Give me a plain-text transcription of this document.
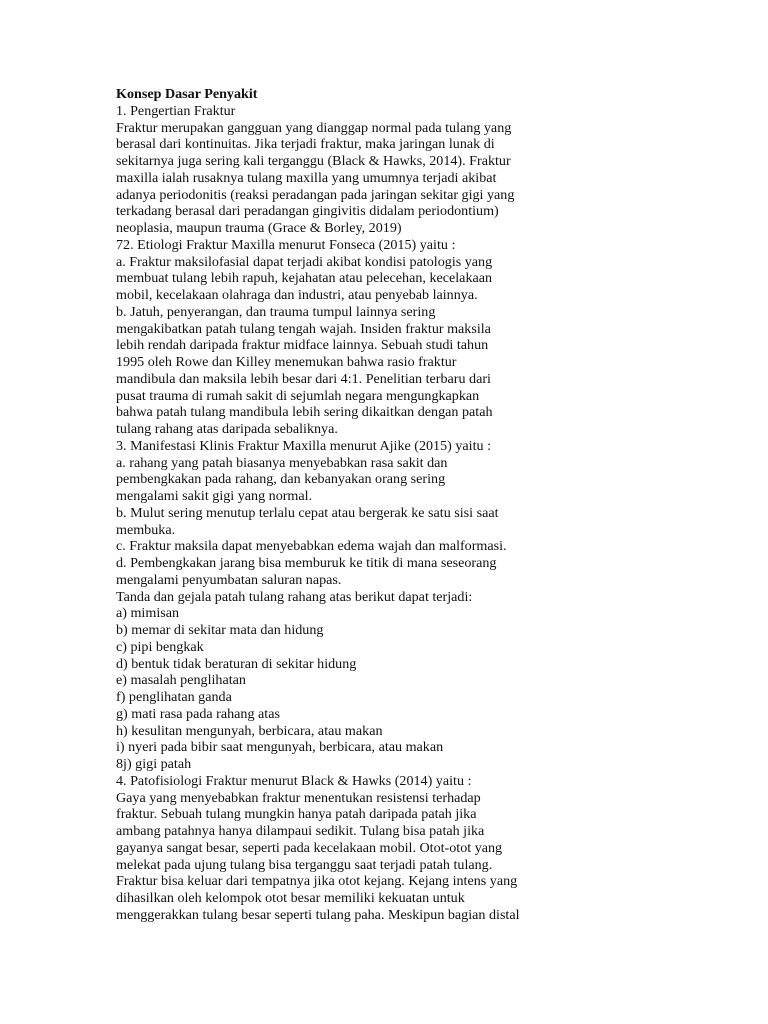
Konsep Dasar Penyakit
1. Pengertian Fraktur
Fraktur merupakan gangguan yang dianggap normal pada tulang yang
berasal dari kontinuitas. Jika terjadi fraktur, maka jaringan lunak di
sekitarnya juga sering kali terganggu (Black & Hawks, 2014). Fraktur
maxilla ialah rusaknya tulang maxilla yang umumnya terjadi akibat
adanya periodonitis (reaksi peradangan pada jaringan sekitar gigi yang
terkadang berasal dari peradangan gingivitis didalam periodontium)
neoplasia, maupun trauma (Grace & Borley, 2019)
72. Etiologi Fraktur Maxilla menurut Fonseca (2015) yaitu :
a. Fraktur maksilofasial dapat terjadi akibat kondisi patologis yang
membuat tulang lebih rapuh, kejahatan atau pelecehan, kecelakaan
mobil, kecelakaan olahraga dan industri, atau penyebab lainnya.
b. Jatuh, penyerangan, dan trauma tumpul lainnya sering
mengakibatkan patah tulang tengah wajah. Insiden fraktur maksila
lebih rendah daripada fraktur midface lainnya. Sebuah studi tahun
1995 oleh Rowe dan Killey menemukan bahwa rasio fraktur
mandibula dan maksila lebih besar dari 4:1. Penelitian terbaru dari
pusat trauma di rumah sakit di sejumlah negara mengungkapkan
bahwa patah tulang mandibula lebih sering dikaitkan dengan patah
tulang rahang atas daripada sebaliknya.
3. Manifestasi Klinis Fraktur Maxilla menurut Ajike (2015) yaitu :
a. rahang yang patah biasanya menyebabkan rasa sakit dan
pembengkakan pada rahang, dan kebanyakan orang sering
mengalami sakit gigi yang normal.
b. Mulut sering menutup terlalu cepat atau bergerak ke satu sisi saat
membuka.
c. Fraktur maksila dapat menyebabkan edema wajah dan malformasi.
d. Pembengkakan jarang bisa memburuk ke titik di mana seseorang
mengalami penyumbatan saluran napas.
Tanda dan gejala patah tulang rahang atas berikut dapat terjadi:
a) mimisan
b) memar di sekitar mata dan hidung
c) pipi bengkak
d) bentuk tidak beraturan di sekitar hidung
e) masalah penglihatan
f) penglihatan ganda
g) mati rasa pada rahang atas
h) kesulitan mengunyah, berbicara, atau makan
i) nyeri pada bibir saat mengunyah, berbicara, atau makan
8j) gigi patah
4. Patofisiologi Fraktur menurut Black & Hawks (2014) yaitu :
Gaya yang menyebabkan fraktur menentukan resistensi terhadap
fraktur. Sebuah tulang mungkin hanya patah daripada patah jika
ambang patahnya hanya dilampaui sedikit. Tulang bisa patah jika
gayanya sangat besar, seperti pada kecelakaan mobil. Otot-otot yang
melekat pada ujung tulang bisa terganggu saat terjadi patah tulang.
Fraktur bisa keluar dari tempatnya jika otot kejang. Kejang intens yang
dihasilkan oleh kelompok otot besar memiliki kekuatan untuk
menggerakkan tulang besar seperti tulang paha. Meskipun bagian distal
